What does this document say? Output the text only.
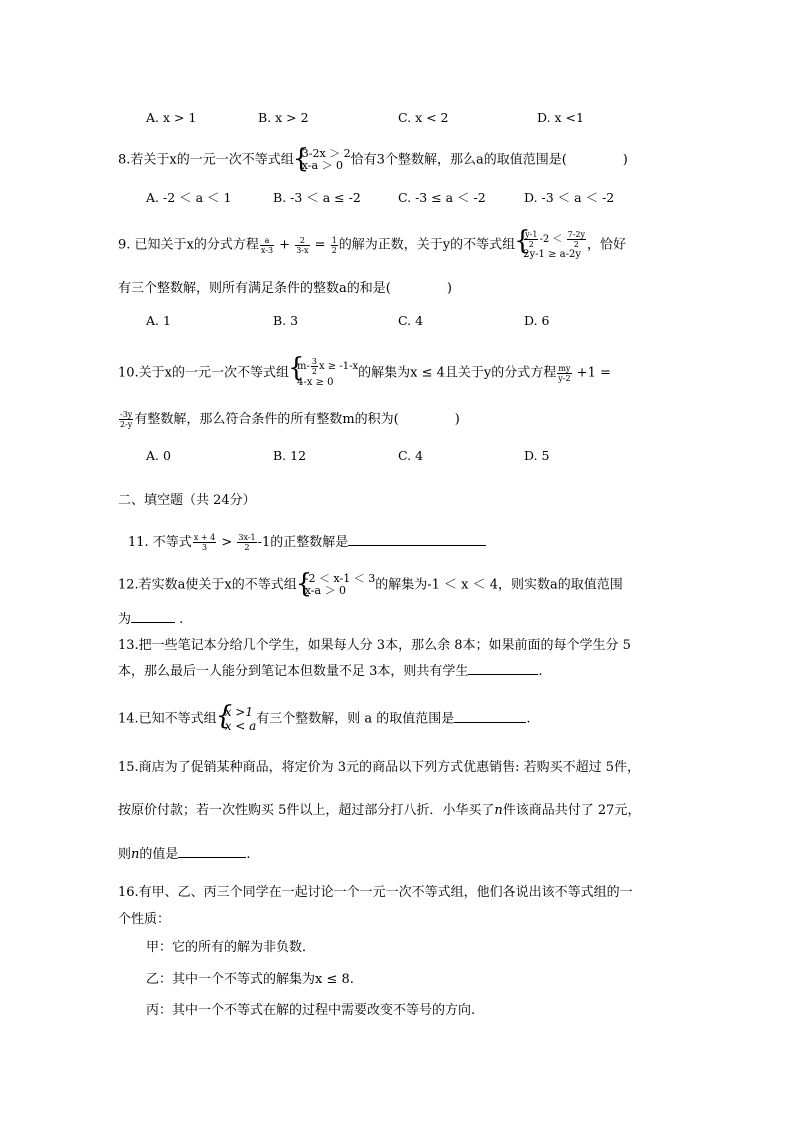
A. x > 1	B. x > 2	C. x < 2	D. x <1
8.若关于x的一元一次不等式组 { 3-2x ＞ 2
x-a ＞ 0 恰有3个整数解，那么a的取值范围是(	)
A. -2 ＜ a ＜ 1	B. -3 ＜ a ≤ -2	C. -3 ≤ a ＜ -2	D. -3 ＜ a ＜ -2
9. 已知关于x的分式方程 $\frac{a}{x-3} + \frac{2}{3-x} = \frac{1}{2}$ 的解为正数，关于y的不等式组 { $\frac{y-1}{2} -2 < \frac{7-2y}{2}$
2y-1 ≥ a-2y
，恰好
有三个整数解，则所有满足条件的整数a的和是(	)
A. 1	B. 3	C. 4	D. 6
10.关于x的一元一次不等式组 { $m- \frac{3}{2}$ x ≥ -1-x
4-x ≥ 0
的解集为x ≤ 4且关于y的分式方程 $\frac{my}{y-2} +1$ =
$\frac{-3y}{2-y}$ 有整数解，那么符合条件的所有整数m的积为(	)
A. 0	B. 12	C. 4	D. 5
二、填空题（共 24分）
11. 不等式 $\frac{x + 4}{3} > \frac{3x-1}{2} -1$的正整数解是
12.若实数a使关于x的不等式组 { -2 ＜ x-1 ＜ 3
x-a ＞ 0	的解集为-1 ＜ x ＜ 4，则实数a的取值范围
为	.
13.把一些笔记本分给几个学生，如果每人分 3本，那么余 8本；如果前面的每个学生分 5
本，那么最后一人能分到笔记本但数量不足 3本，则共有学生	.
14.已知不等式组 { x >1
x < a 有三个整数解，则 a 的取值范围是	.
15.商店为了促销某种商品，将定价为 3元的商品以下列方式优惠销售: 若购买不超过 5件，
按原价付款；若一次性购买 5件以上，超过部分打八折．小华买了n件该商品共付了 27元，
则n的值是	.
16.有甲、乙、丙三个同学在一起讨论一个一元一次不等式组，他们各说出该不等式组的一
个性质：
甲：它的所有的解为非负数．
乙：其中一个不等式的解集为x ≤ 8.
丙：其中一个不等式在解的过程中需要改变不等号的方向.
